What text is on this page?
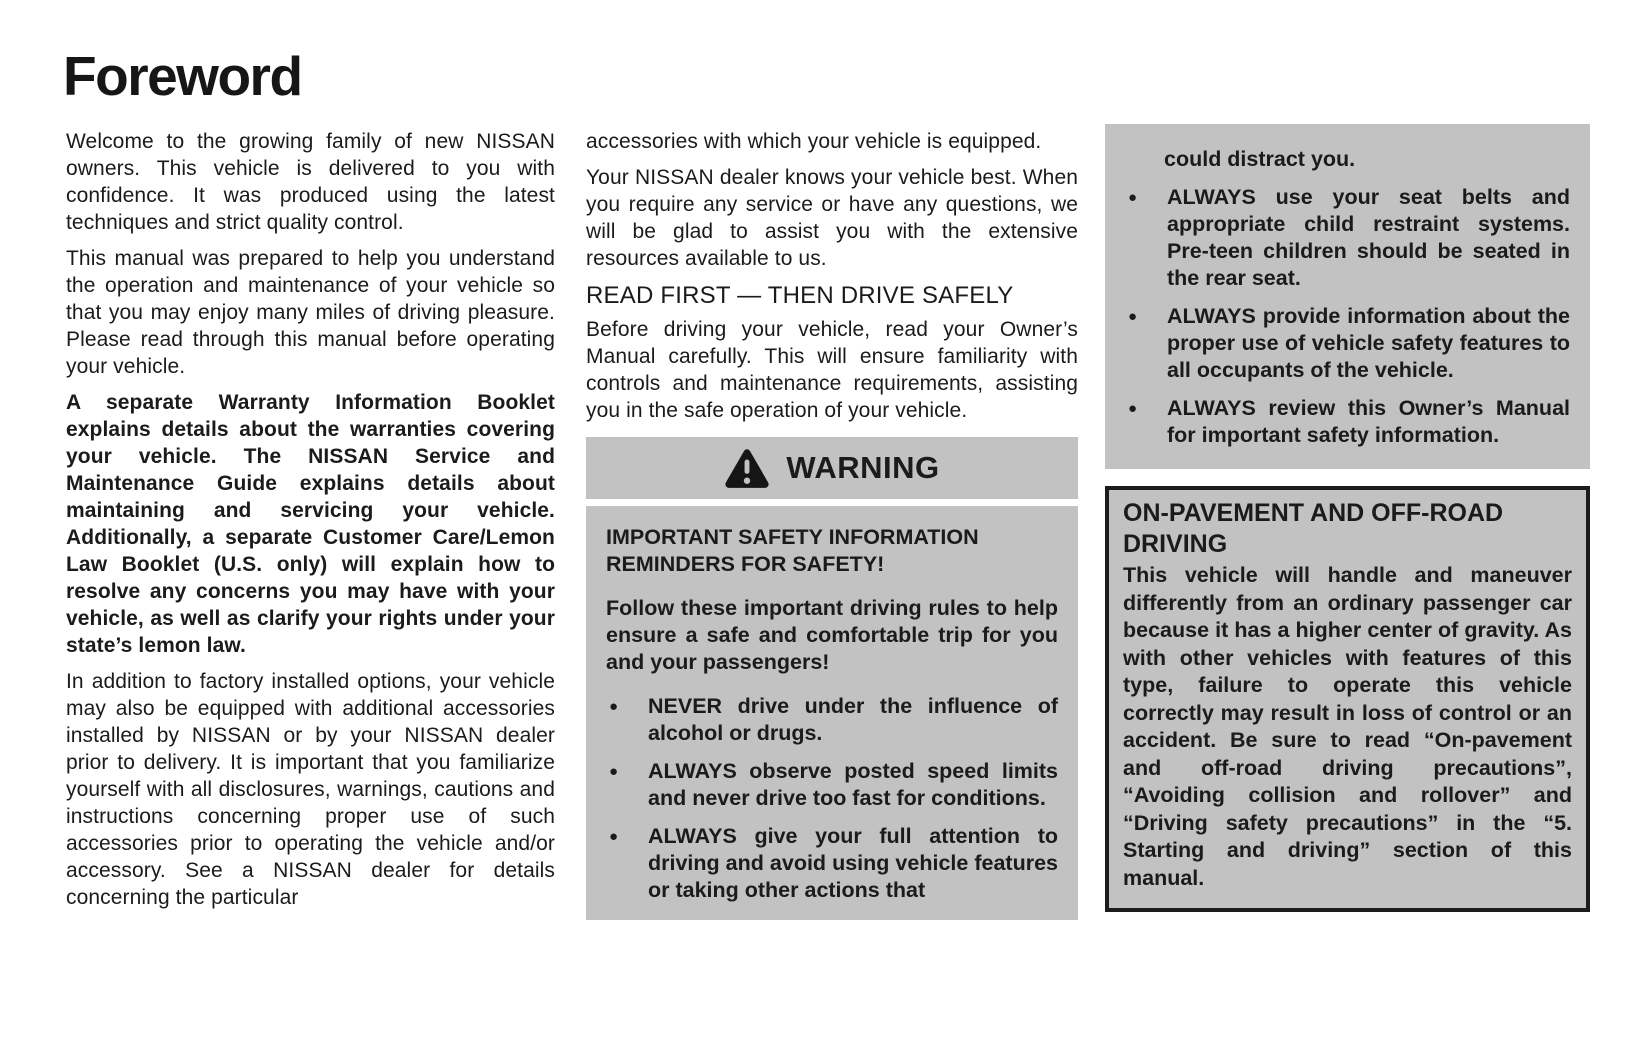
Foreword

Welcome to the growing family of new NISSAN owners. This vehicle is delivered to you with confidence. It was produced using the latest techniques and strict quality control.

This manual was prepared to help you understand the operation and maintenance of your vehicle so that you may enjoy many miles of driving pleasure. Please read through this manual before operating your vehicle.

A separate Warranty Information Booklet explains details about the warranties covering your vehicle. The NISSAN Service and Maintenance Guide explains details about maintaining and servicing your vehicle. Additionally, a separate Customer Care/Lemon Law Booklet (U.S. only) will explain how to resolve any concerns you may have with your vehicle, as well as clarify your rights under your state’s lemon law.

In addition to factory installed options, your vehicle may also be equipped with additional accessories installed by NISSAN or by your NISSAN dealer prior to delivery. It is important that you familiarize yourself with all disclosures, warnings, cautions and instructions concerning proper use of such accessories prior to operating the vehicle and/or accessory. See a NISSAN dealer for details concerning the particular

accessories with which your vehicle is equipped.

Your NISSAN dealer knows your vehicle best. When you require any service or have any questions, we will be glad to assist you with the extensive resources available to us.

READ FIRST — THEN DRIVE SAFELY

Before driving your vehicle, read your Owner’s Manual carefully. This will ensure familiarity with controls and maintenance requirements, assisting you in the safe operation of your vehicle.

WARNING
IMPORTANT SAFETY INFORMATION REMINDERS FOR SAFETY!

Follow these important driving rules to help ensure a safe and comfortable trip for you and your passengers!

●	NEVER drive under the influence of alcohol or drugs.
●	ALWAYS observe posted speed limits and never drive too fast for conditions.
●	ALWAYS give your full attention to driving and avoid using vehicle features or taking other actions that
could distract you.
●	ALWAYS use your seat belts and appropriate child restraint systems. Pre-teen children should be seated in the rear seat.
●	ALWAYS provide information about the proper use of vehicle safety features to all occupants of the vehicle.
●	ALWAYS review this Owner’s Manual for important safety information.
ON-PAVEMENT AND OFF-ROAD DRIVING

This vehicle will handle and maneuver differently from an ordinary passenger car because it has a higher center of gravity. As with other vehicles with features of this type, failure to operate this vehicle correctly may result in loss of control or an accident. Be sure to read “On-pavement and off-road driving precautions”, “Avoiding collision and rollover” and “Driving safety precautions” in the “5. Starting and driving” section of this manual.
